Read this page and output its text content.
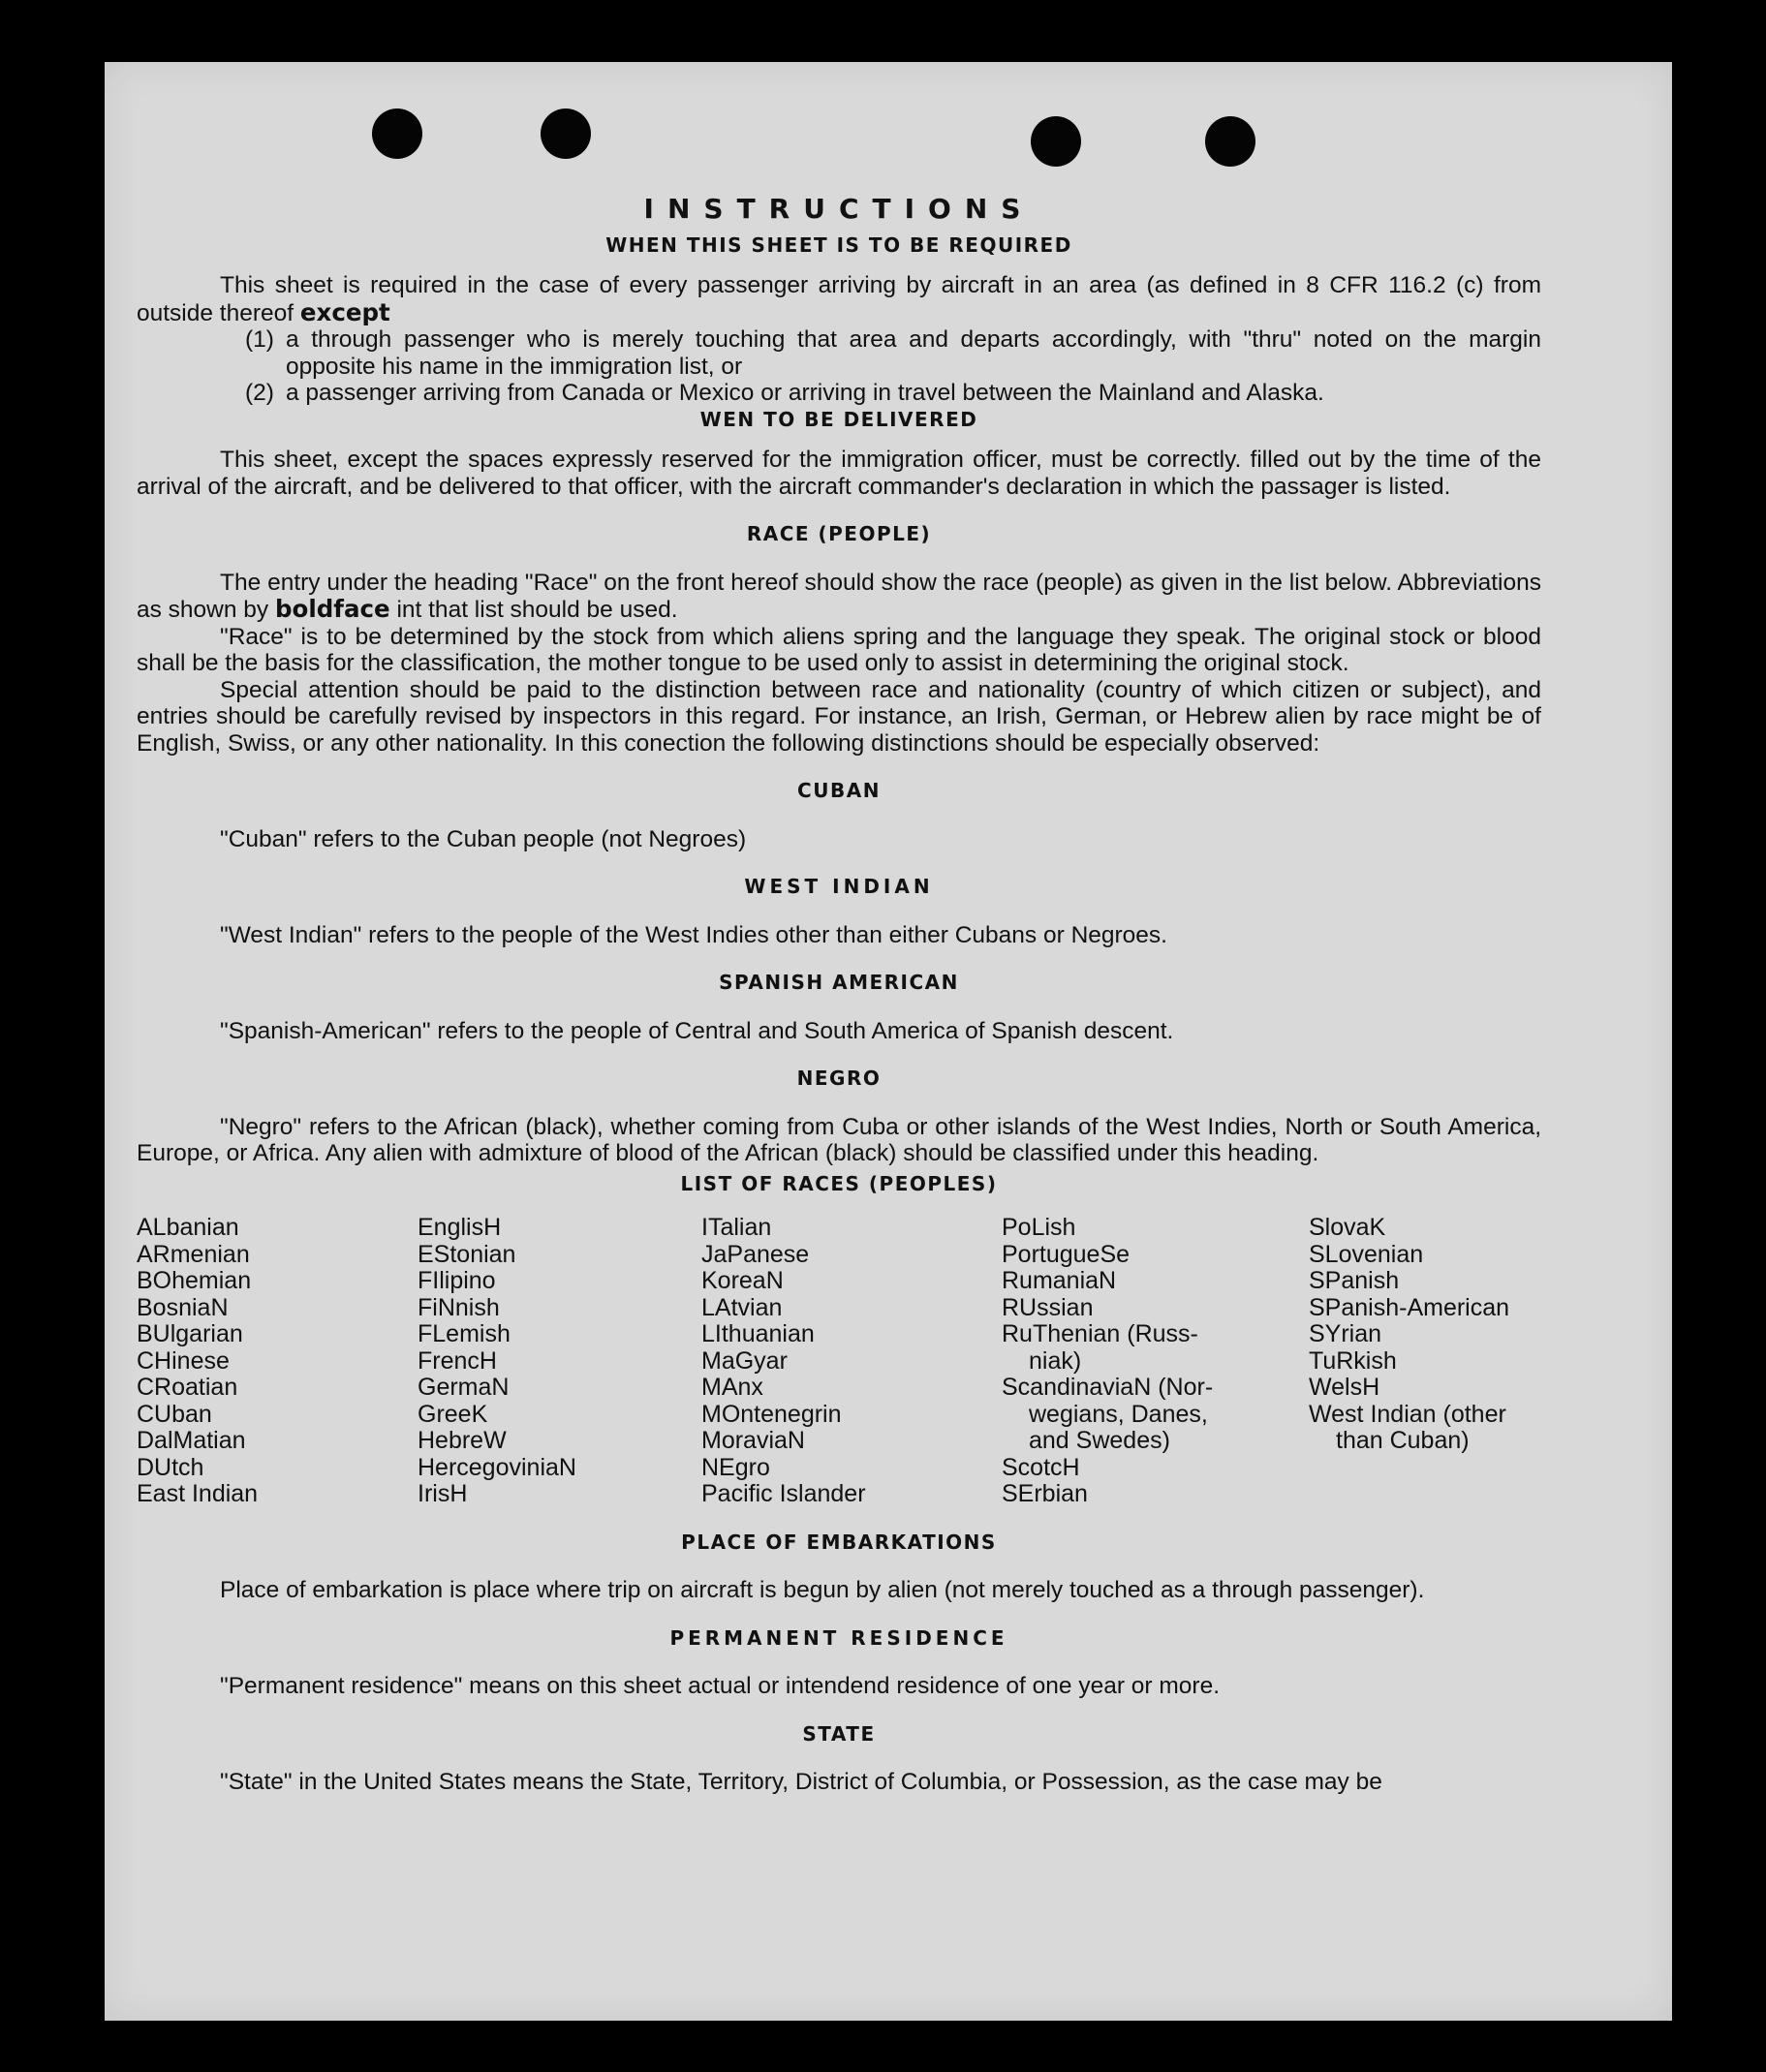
INSTRUCTIONS
WHEN THIS SHEET IS TO BE REQUIRED

This sheet is required in the case of every passenger arriving by aircraft in an area (as defined in 8 CFR 116.2 (c) from outside thereof except

(1) a through passenger who is merely touching that area and departs accordingly, with "thru" noted on the margin opposite his name in the immigration list, or
(2) a passenger arriving from Canada or Mexico or arriving in travel between the Mainland and Alaska.
WEN TO BE DELIVERED

This sheet, except the spaces expressly reserved for the immigration officer, must be correctly. filled out by the time of the arrival of the aircraft, and be delivered to that officer, with the aircraft commander's declaration in which the passager is listed.

RACE (PEOPLE)

The entry under the heading "Race" on the front hereof should show the race (people) as given in the list below. Abbreviations as shown by boldface int that list should be used.

"Race" is to be determined by the stock from which aliens spring and the language they speak. The original stock or blood shall be the basis for the classification, the mother tongue to be used only to assist in determining the original stock.

Special attention should be paid to the distinction between race and nationality (country of which citizen or subject), and entries should be carefully revised by inspectors in this regard. For instance, an Irish, German, or Hebrew alien by race might be of English, Swiss, or any other nationality. In this conection the following distinctions should be especially observed:

CUBAN

"Cuban" refers to the Cuban people (not Negroes)

WEST INDIAN

"West Indian" refers to the people of the West Indies other than either Cubans or Negroes.

SPANISH AMERICAN

"Spanish-American" refers to the people of Central and South America of Spanish descent.

NEGRO

"Negro" refers to the African (black), whether coming from Cuba or other islands of the West Indies, North or South America, Europe, or Africa. Any alien with admixture of blood of the African (black) should be classified under this heading.

LIST OF RACES (PEOPLES)
ALbanian
ARmenian
BOhemian
BosniaN
BUlgarian
CHinese
CRoatian
CUban
DalMatian
DUtch
East Indian
EnglisH
EStonian
FIlipino
FiNnish
FLemish
FrencH
GermaN
GreeK
HebreW
HercegoviniaN
IrisH
ITalian
JaPanese
KoreaN
LAtvian
LIthuanian
MaGyar
MAnx
MOntenegrin
MoraviaN
NEgro
Pacific Islander
PoLish
PortugueSe
RumaniaN
RUssian
RuThenian (Russ-
niak)
ScandinaviaN (Nor-
wegians, Danes,
and Swedes)
ScotcH
SErbian
SlovaK
SLovenian
SPanish
SPanish-American
SYrian
TuRkish
WelsH
West Indian (other
than Cuban)
PLACE OF EMBARKATIONS

Place of embarkation is place where trip on aircraft is begun by alien (not merely touched as a through passenger).

PERMANENT RESIDENCE

"Permanent residence" means on this sheet actual or intendend residence of one year or more.

STATE

"State" in the United States means the State, Territory, District of Columbia, or Possession, as the case may be
